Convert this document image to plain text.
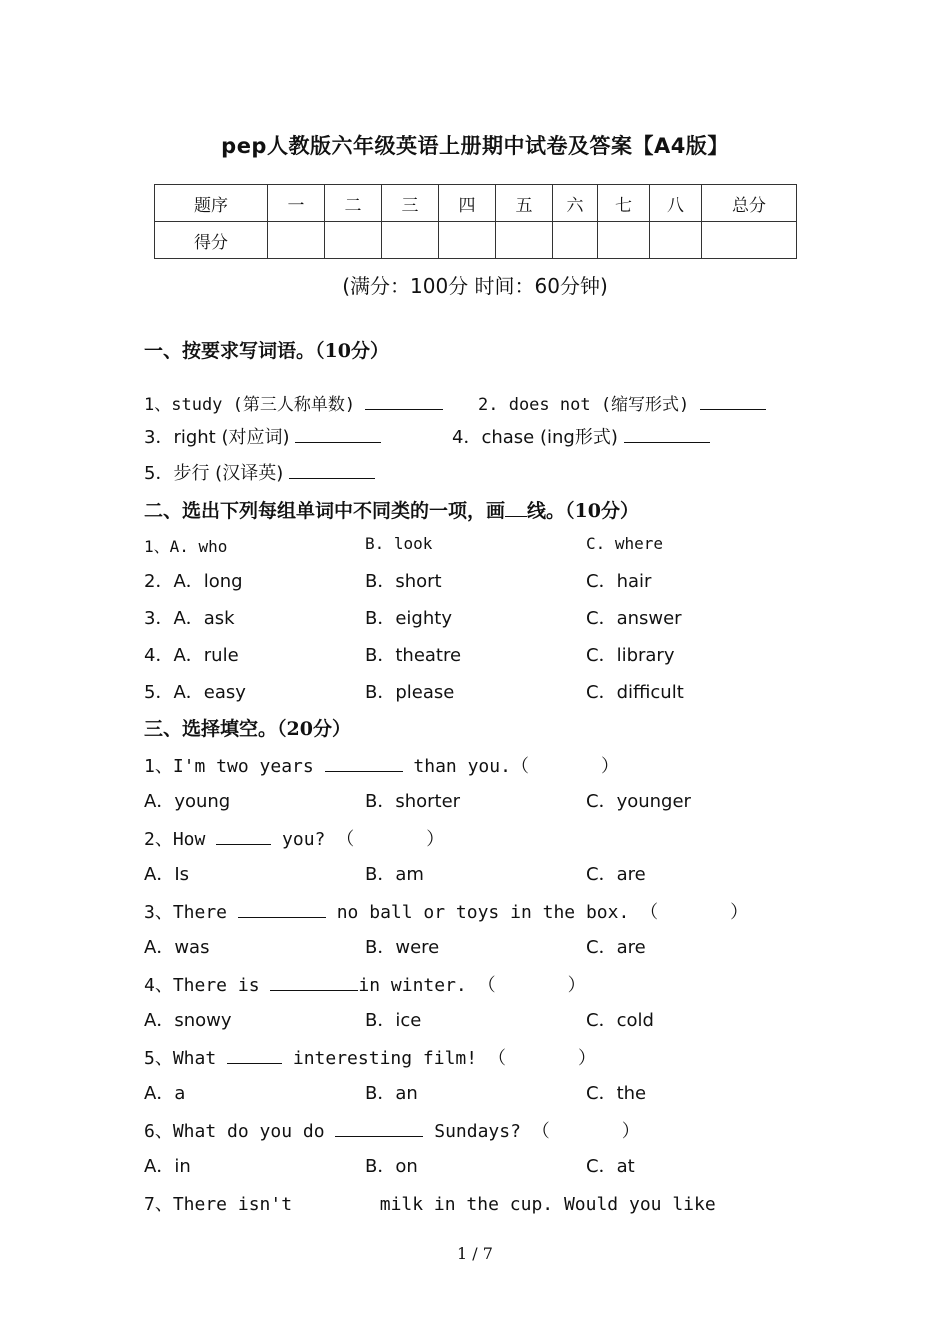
pep人教版六年级英语上册期中试卷及答案【A4版】
题序	一	二	三	四	五	六	七	八	总分
得分									
(满分：100分 时间：60分钟)
一、按要求写词语。（10分）
1、study (第三人称单数)	2. does not (缩写形式)
3．right (对应词)	4．chase (ing形式)
5．步行 (汉译英)
二、选出下列每组单词中不同类的一项，画 线。（10分）
1、A. who	B. look	C. where
2．A．long	B．short	C．hair
3．A．ask	B．eighty	C．answer
4．A．rule	B．theatre	C．library
5．A．easy	B．please	C．difficult
三、选择填空。（20分）
1、I'm two years	than you.（	）
A．young	B．shorter	C．younger
2、How	you? （	）
A．Is	B．am	C．are
3、There	no ball or toys in the box. （	）
A．was	B．were	C．are
4、There is	in winter. （	）
A．snowy	B．ice	C．cold
5、What	interesting film! （	）
A．a	B．an	C．the
6、What do you do	Sundays? （	）
A．in	B．on	C．at
7、There isn't	milk in the cup. Would you like
1 / 7
